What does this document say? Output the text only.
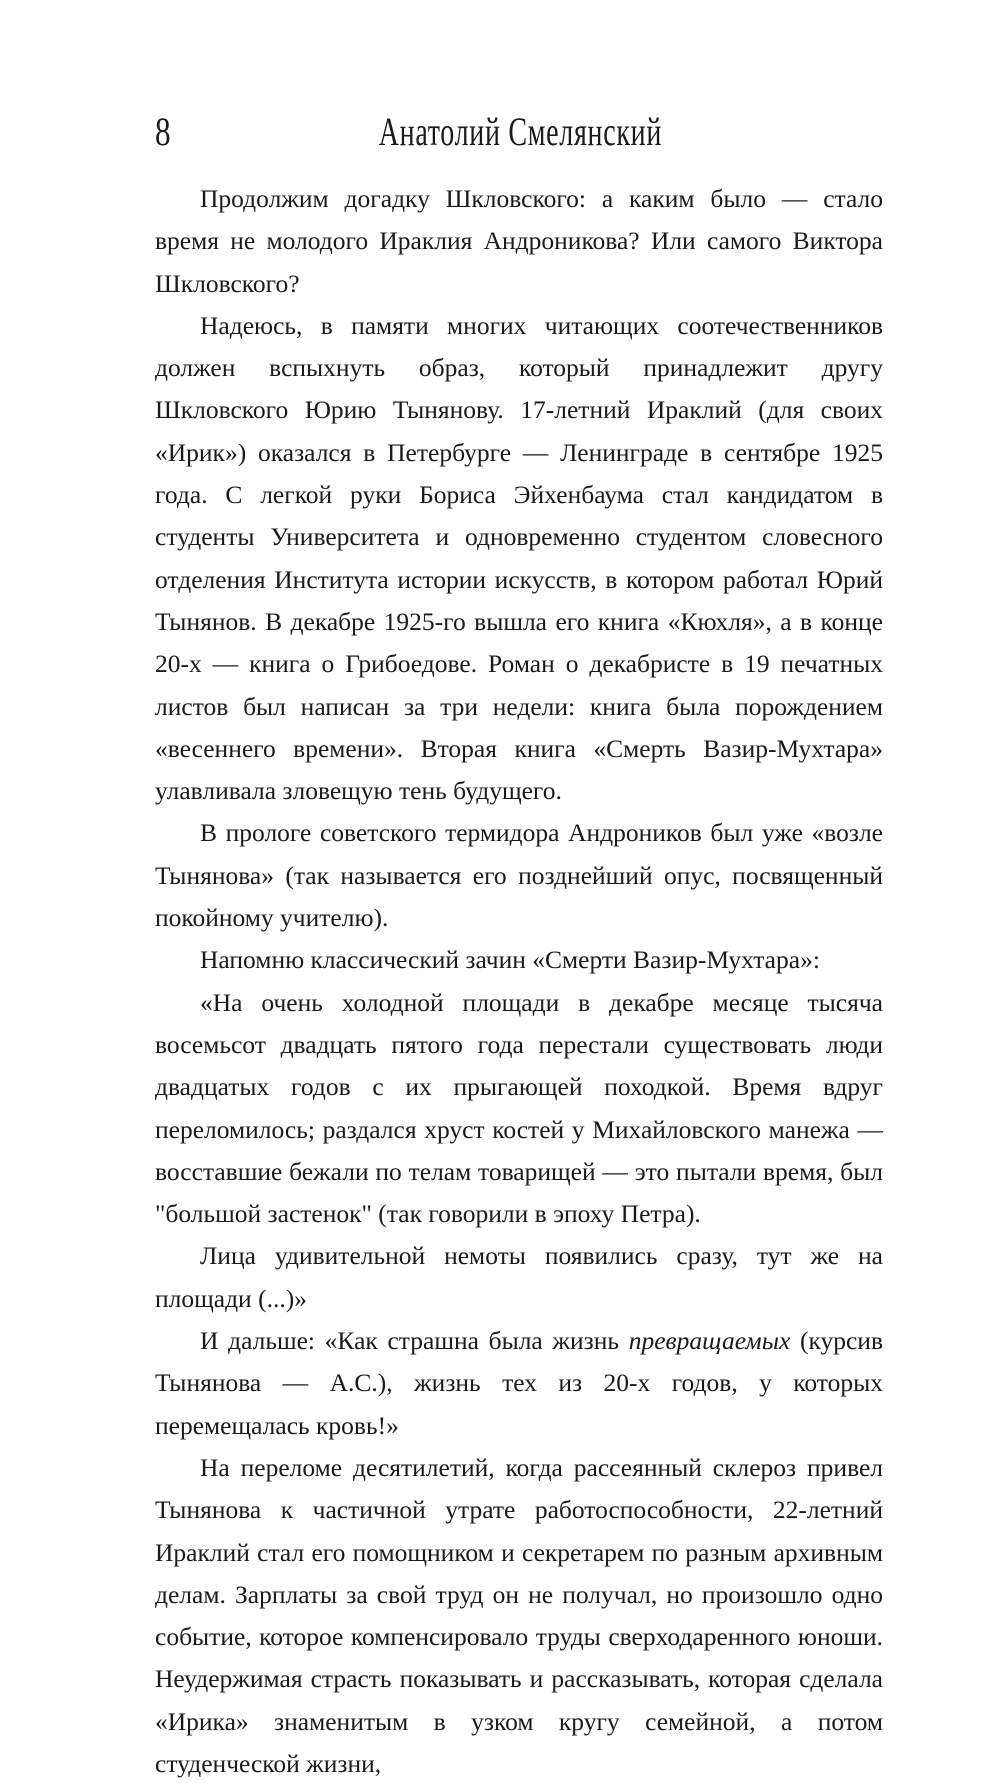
8	Анатолий Смелянский

Продолжим догадку Шкловского: а каким было — стало время не молодого Ираклия Андроникова? Или самого Виктора Шкловского?

Надеюсь, в памяти многих читающих соотечественников должен вспыхнуть образ, который принадлежит другу Шкловского Юрию Тынянову. 17-летний Ираклий (для своих «Ирик») оказался в Петербурге — Ленинграде в сентябре 1925 года. С легкой руки Бориса Эйхенбаума стал кандидатом в студенты Университета и одновременно студентом словесного отделения Института истории искусств, в котором работал Юрий Тынянов. В декабре 1925-го вышла его книга «Кюхля», а в конце 20-х — книга о Грибоедове. Роман о декабристе в 19 печатных листов был написан за три недели: книга была порождением «весеннего времени». Вторая книга «Смерть Вазир-Мухтара» улавливала зловещую тень будущего.

В прологе советского термидора Андроников был уже «возле Тынянова» (так называется его позднейший опус, посвященный покойному учителю).

Напомню классический зачин «Смерти Вазир-Мухтара»:

«На очень холодной площади в декабре месяце тысяча восемьсот двадцать пятого года перестали существовать люди двадцатых годов с их прыгающей походкой. Время вдруг переломилось; раздался хруст костей у Михайловского манежа — восставшие бежали по телам товарищей — это пытали время, был "большой застенок" (так говорили в эпоху Петра).

Лица удивительной немоты появились сразу, тут же на площади (...)»

И дальше: «Как страшна была жизнь превращаемых (курсив Тынянова — А.С.), жизнь тех из 20-х годов, у которых перемещалась кровь!»

На переломе десятилетий, когда рассеянный склероз привел Тынянова к частичной утрате работоспособности, 22-летний Ираклий стал его помощником и секретарем по разным архивным делам. Зарплаты за свой труд он не получал, но произошло одно событие, которое компенсировало труды сверходаренного юноши. Неудержимая страсть показывать и рассказывать, которая сделала «Ирика» знаменитым в узком кругу семейной, а потом студенческой жизни,
